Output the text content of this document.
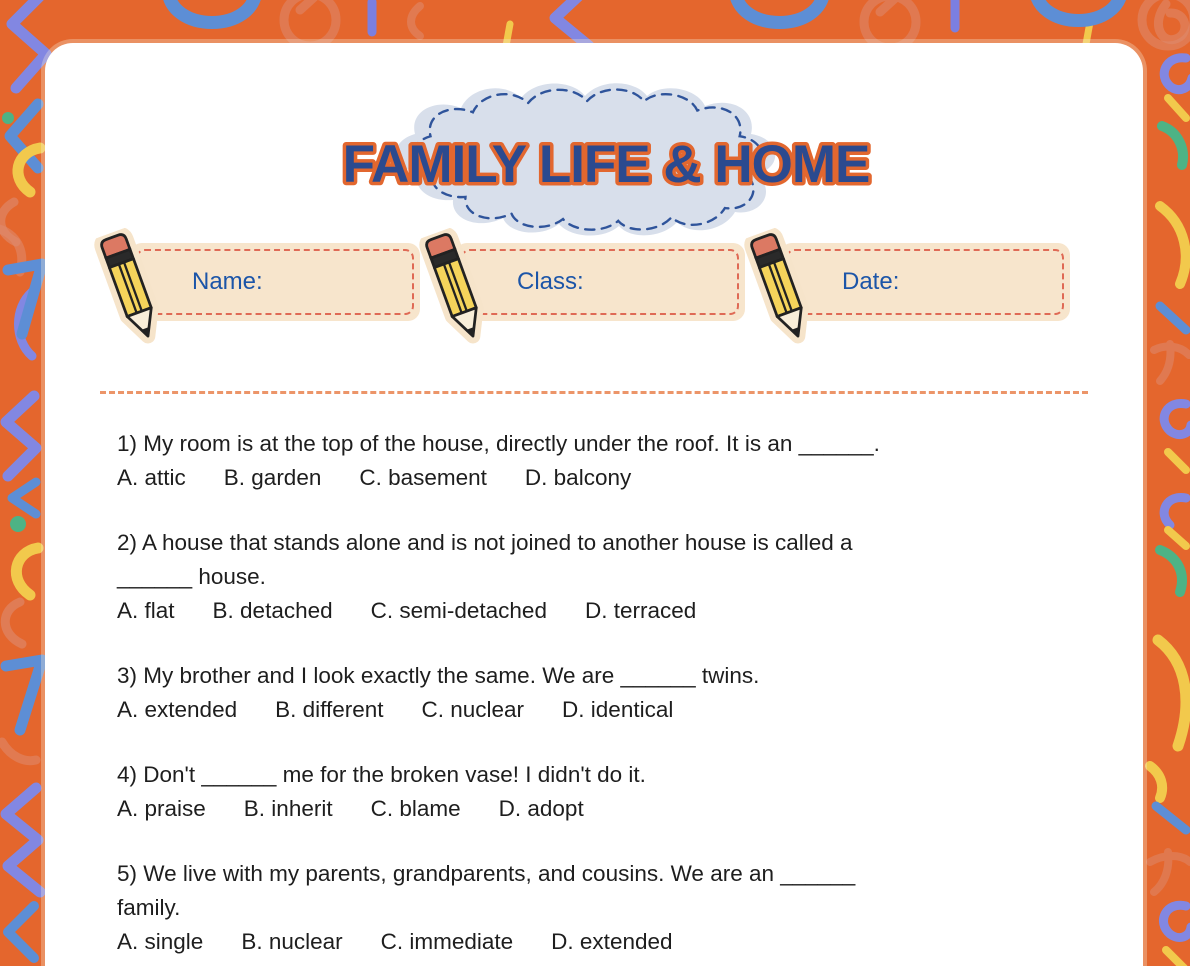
FAMILY LIFE & HOME
Name:	Class:	Date:
1) My room is at the top of the house, directly under the roof. It is an ______.
A. attic B. garden C. basement D. balcony
2) A house that stands alone and is not joined to another house is called a
______ house.
A. flat B. detached C. semi-detached D. terraced
3) My brother and I look exactly the same. We are ______ twins.
A. extended B. different C. nuclear D. identical
4) Don't ______ me for the broken vase! I didn't do it.
A. praise B. inherit C. blame D. adopt
5) We live with my parents, grandparents, and cousins. We are an ______
family.
A. single B. nuclear C. immediate D. extended
